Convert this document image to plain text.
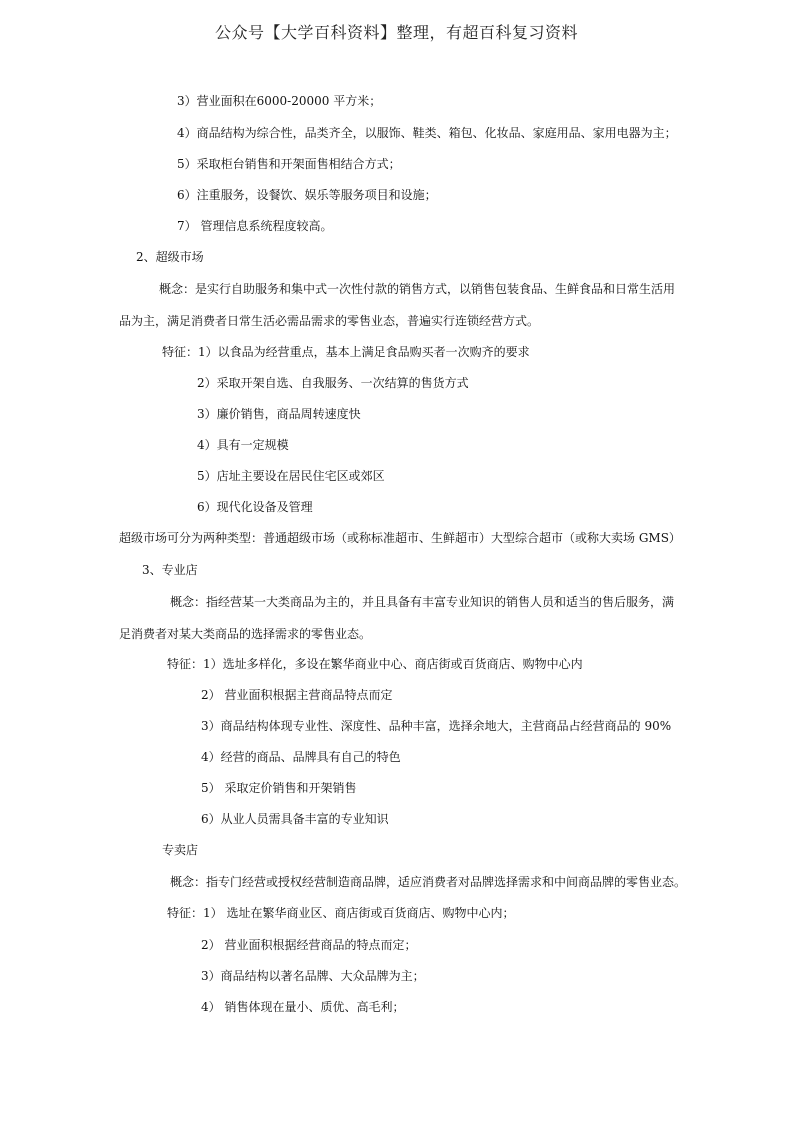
公众号【大学百科资料】整理，有超百科复习资料
3）营业面积在6000-20000 平方米；
4）商品结构为综合性，品类齐全，以服饰、鞋类、箱包、化妆品、家庭用品、家用电器为主；
5）采取柜台销售和开架面售相结合方式；
6）注重服务，设餐饮、娱乐等服务项目和设施；
7） 管理信息系统程度较高。
2、超级市场
概念：是实行自助服务和集中式一次性付款的销售方式，以销售包装食品、生鲜食品和日常生活用
品为主，满足消费者日常生活必需品需求的零售业态，普遍实行连锁经营方式。
特征：1）以食品为经营重点，基本上满足食品购买者一次购齐的要求
2）采取开架自选、自我服务、一次结算的售货方式
3）廉价销售，商品周转速度快
4）具有一定规模
5）店址主要设在居民住宅区或郊区
6）现代化设备及管理
超级市场可分为两种类型：普通超级市场（或称标准超市、生鲜超市）大型综合超市（或称大卖场 GMS）
3、专业店
概念：指经营某一大类商品为主的，并且具备有丰富专业知识的销售人员和适当的售后服务，满
足消费者对某大类商品的选择需求的零售业态。
特征：1）选址多样化，多设在繁华商业中心、商店街或百货商店、购物中心内
2） 营业面积根据主营商品特点而定
3）商品结构体现专业性、深度性、品种丰富，选择余地大，主营商品占经营商品的 90%
4）经营的商品、品牌具有自己的特色
5） 采取定价销售和开架销售
6）从业人员需具备丰富的专业知识
专卖店
概念：指专门经营或授权经营制造商品牌，适应消费者对品牌选择需求和中间商品牌的零售业态。
特征：1） 选址在繁华商业区、商店街或百货商店、购物中心内；
2） 营业面积根据经营商品的特点而定；
3）商品结构以著名品牌、大众品牌为主；
4） 销售体现在量小、质优、高毛利；
